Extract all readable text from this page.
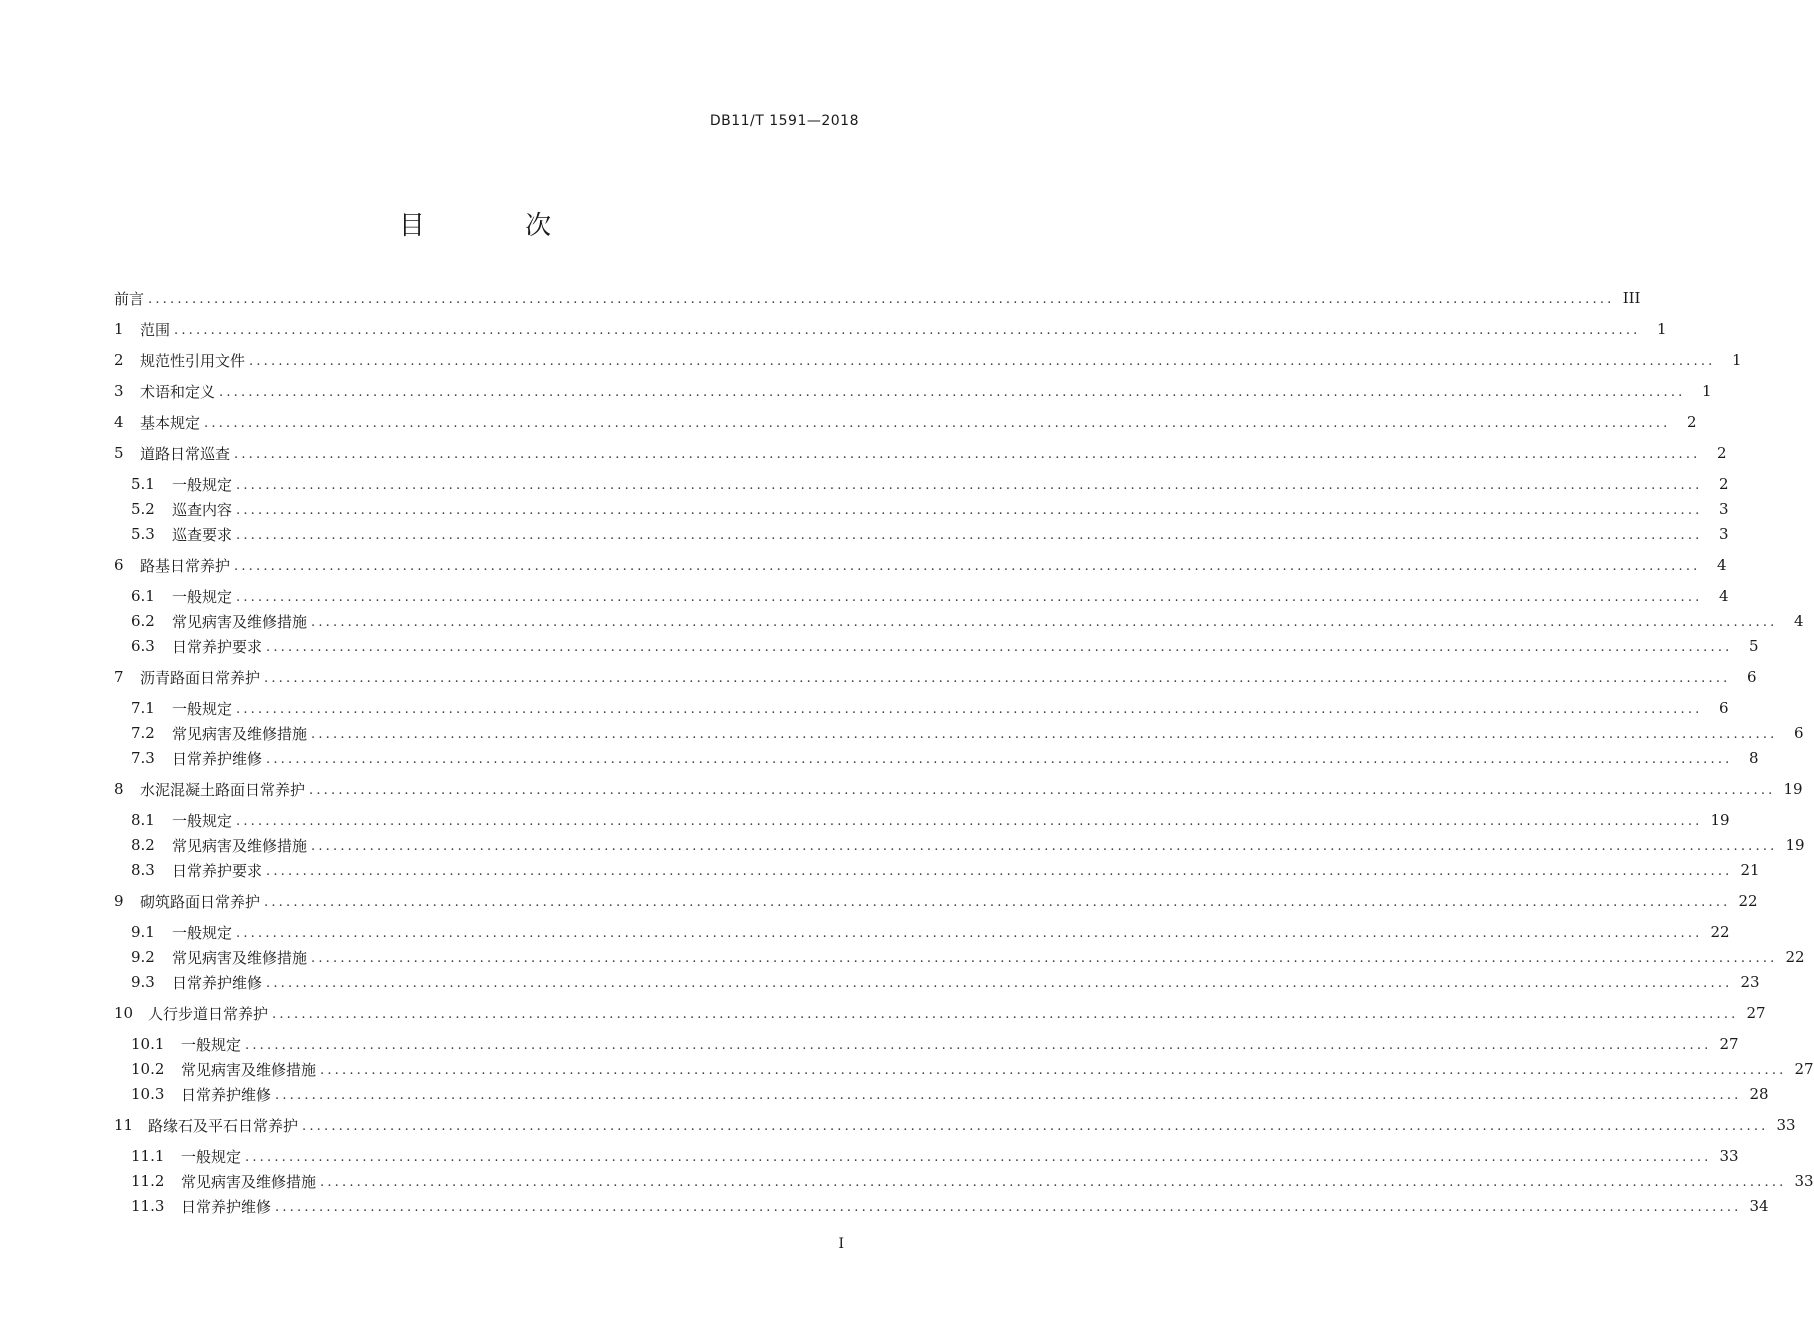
DB11/T 1591—2018
目 次
前言 ........................................................................................................................................................................................................ III
1	范围 ........................................................................................................................................................................................................	1
2	规范性引用文件 ........................................................................................................................................................................................................	1
3	术语和定义 ........................................................................................................................................................................................................	1
4	基本规定 ........................................................................................................................................................................................................	2
5	道路日常巡查 ........................................................................................................................................................................................................	2
5.1	一般规定 ........................................................................................................................................................................................................	2
5.2	巡查内容 ........................................................................................................................................................................................................	3
5.3	巡查要求 ........................................................................................................................................................................................................	3
6	路基日常养护 ........................................................................................................................................................................................................	4
6.1	一般规定 ........................................................................................................................................................................................................	4
6.2	常见病害及维修措施 ........................................................................................................................................................................................................	4
6.3	日常养护要求 ........................................................................................................................................................................................................	5
7	沥青路面日常养护 ........................................................................................................................................................................................................	6
7.1	一般规定 ........................................................................................................................................................................................................	6
7.2	常见病害及维修措施 ........................................................................................................................................................................................................	6
7.3	日常养护维修 ........................................................................................................................................................................................................	8
8	水泥混凝土路面日常养护 ........................................................................................................................................................................................................ 19
8.1	一般规定 ........................................................................................................................................................................................................ 19
8.2	常见病害及维修措施 ........................................................................................................................................................................................................ 19
8.3	日常养护要求 ........................................................................................................................................................................................................ 21
9	砌筑路面日常养护 ........................................................................................................................................................................................................ 22
9.1	一般规定 ........................................................................................................................................................................................................ 22
9.2	常见病害及维修措施 ........................................................................................................................................................................................................ 22
9.3	日常养护维修 ........................................................................................................................................................................................................ 23
10 人行步道日常养护 ........................................................................................................................................................................................................ 27
10.1	一般规定 ........................................................................................................................................................................................................ 27
10.2	常见病害及维修措施 ........................................................................................................................................................................................................ 27
10.3	日常养护维修 ........................................................................................................................................................................................................ 28
11 路缘石及平石日常养护 ........................................................................................................................................................................................................ 33
11.1	一般规定 ........................................................................................................................................................................................................ 33
11.2	常见病害及维修措施 ........................................................................................................................................................................................................ 33
11.3	日常养护维修 ........................................................................................................................................................................................................ 34
I
